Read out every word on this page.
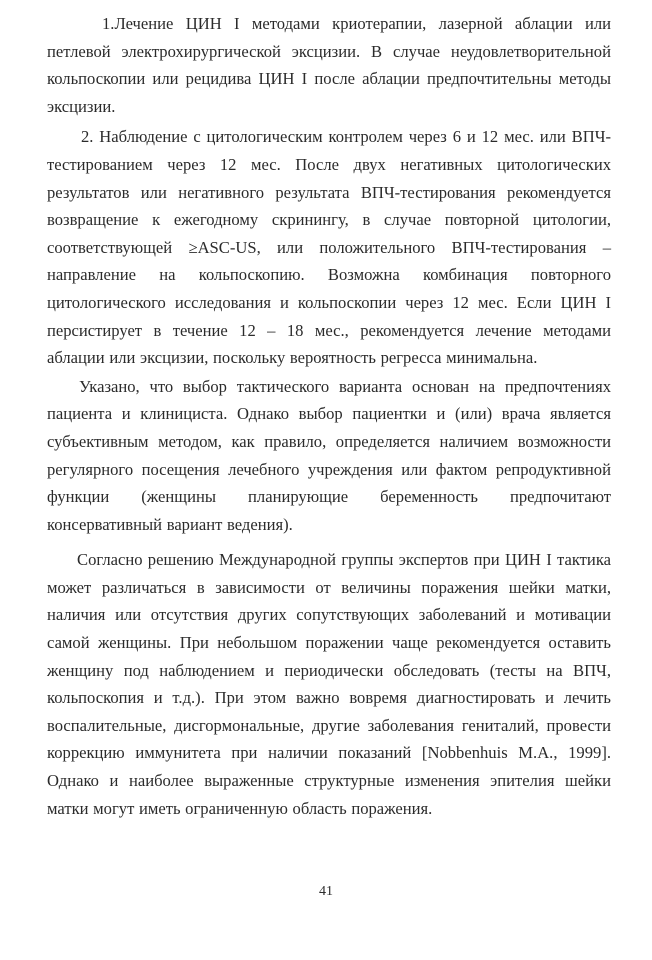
1.Лечение ЦИН I методами криотерапии, лазерной аблации или петлевой электрохирургической эксцизии. В случае неудовлетворительной кольпоскопии или рецидива ЦИН I после аблации предпочтительны методы эксцизии.

2. Наблюдение с цитологическим контролем через 6 и 12 мес. или ВПЧ-тестированием через 12 мес. После двух негативных цитологических результатов или негативного результата ВПЧ-тестирования рекомендуется возвращение к ежегодному скринингу, в случае повторной цитологии, соответствующей ≥ASC-US, или положительного ВПЧ-тестирования – направление на кольпоскопию. Возможна комбинация повторного цитологического исследования и кольпоскопии через 12 мес. Если ЦИН I персистирует в течение 12 – 18 мес., рекомендуется лечение методами аблации или эксцизии, поскольку вероятность регресса минимальна.

Указано, что выбор тактического варианта основан на предпочтениях пациента и клинициста. Однако выбор пациентки и (или) врача является субъективным методом, как правило, определяется наличием возможности регулярного посещения лечебного учреждения или фактом репродуктивной функции (женщины планирующие беременность предпочитают консервативный вариант ведения).

Согласно решению Международной группы экспертов при ЦИН I тактика может различаться в зависимости от величины поражения шейки матки, наличия или отсутствия других сопутствующих заболеваний и мотивации самой женщины. При небольшом поражении чаще рекомендуется оставить женщину под наблюдением и периодически обследовать (тесты на ВПЧ, кольпоскопия и т.д.). При этом важно вовремя диагностировать и лечить воспалительные, дисгормональные, другие заболевания гениталий, провести коррекцию иммунитета при наличии показаний [Nobbenhuis M.A., 1999]. Однако и наиболее выраженные структурные изменения эпителия шейки матки могут иметь ограниченную область поражения.

41
